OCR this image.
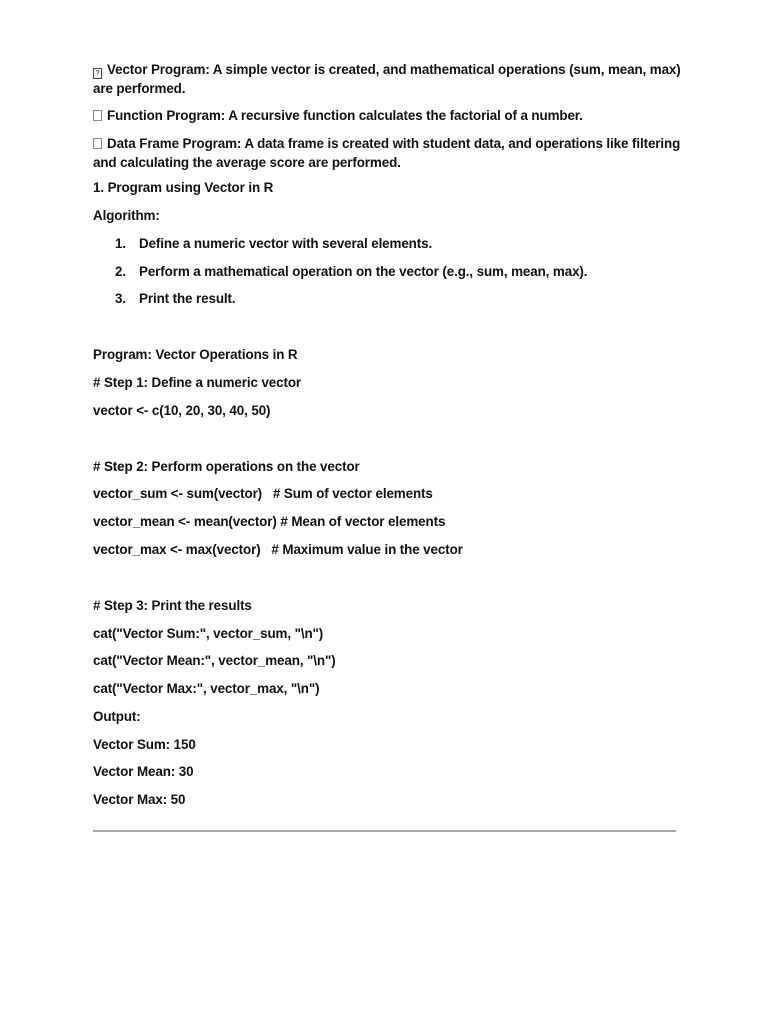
? Vector Program: A simple vector is created, and mathematical operations (sum, mean, max) are performed.
Function Program: A recursive function calculates the factorial of a number.
Data Frame Program: A data frame is created with student data, and operations like filtering and calculating the average score are performed.
1. Program using Vector in R
Algorithm:
1. Define a numeric vector with several elements.
2. Perform a mathematical operation on the vector (e.g., sum, mean, max).
3. Print the result.
Program: Vector Operations in R
# Step 1: Define a numeric vector
vector <- c(10, 20, 30, 40, 50)
# Step 2: Perform operations on the vector
vector_sum <- sum(vector)   # Sum of vector elements
vector_mean <- mean(vector) # Mean of vector elements
vector_max <- max(vector)   # Maximum value in the vector
# Step 3: Print the results
cat("Vector Sum:", vector_sum, "\n")
cat("Vector Mean:", vector_mean, "\n")
cat("Vector Max:", vector_max, "\n")
Output:
Vector Sum: 150
Vector Mean: 30
Vector Max: 50
